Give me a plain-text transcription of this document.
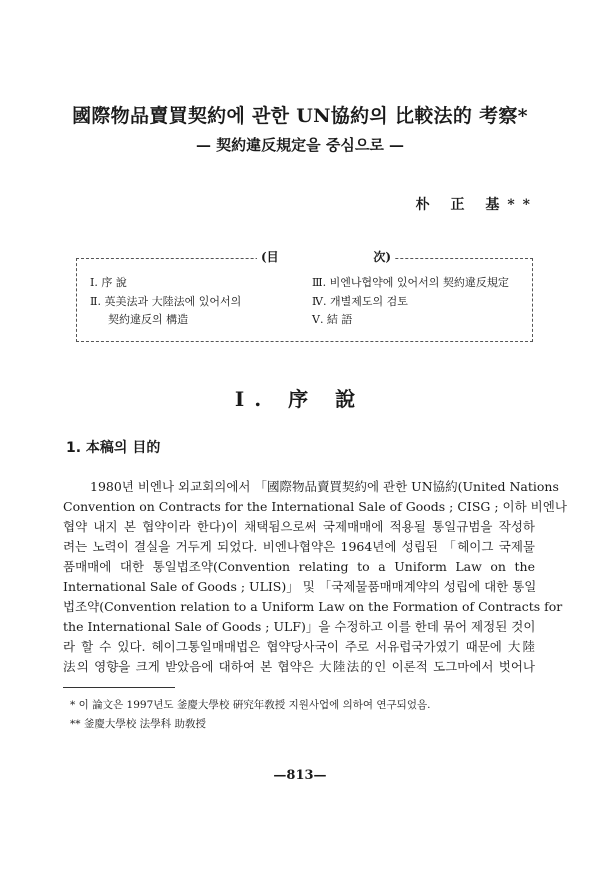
國際物品賣買契約에 관한 UN協約의 比較法的 考察*
— 契約違反規定을 중심으로 —
朴 正 基**
(目	次)
Ⅰ. 序 說
Ⅱ. 英美法과 大陸法에 있어서의
契約違反의 構造
Ⅲ. 비엔나협약에 있어서의 契約違反規定
Ⅳ. 개별제도의 검토
Ⅴ. 結 語
Ⅰ. 序 說
1. 本稿의 目的
1980년 비엔나 외교회의에서 「國際物品賣買契約에 관한 UN協約(United Nations
Convention on Contracts for the International Sale of Goods ; CISG ; 이하 비엔나
협약 내지 본 협약이라 한다)이 채택됨으로써 국제매매에 적용될 통일규범을 작성하
려는 노력이 결실을 거두게 되었다. 비엔나협약은 1964년에 성립된 「헤이그 국제물
품매매에 대한 통일법조약(Convention relating to a Uniform Law on the
International Sale of Goods ; ULIS)」 및 「국제물품매매계약의 성립에 대한 통일
법조약(Convention relation to a Uniform Law on the Formation of Contracts for
the International Sale of Goods ; ULF)」을 수정하고 이를 한데 묶어 제정된 것이
라 할 수 있다. 헤이그통일매매법은 협약당사국이 주로 서유럽국가였기 때문에 大陸
法의 영향을 크게 받았음에 대하여 본 협약은 大陸法的인 이론적 도그마에서 벗어나
* 이 論文은 1997년도 釜慶大學校 硏究年敎授 지원사업에 의하여 연구되었음.
** 釜慶大學校 法學科 助敎授
—813—
